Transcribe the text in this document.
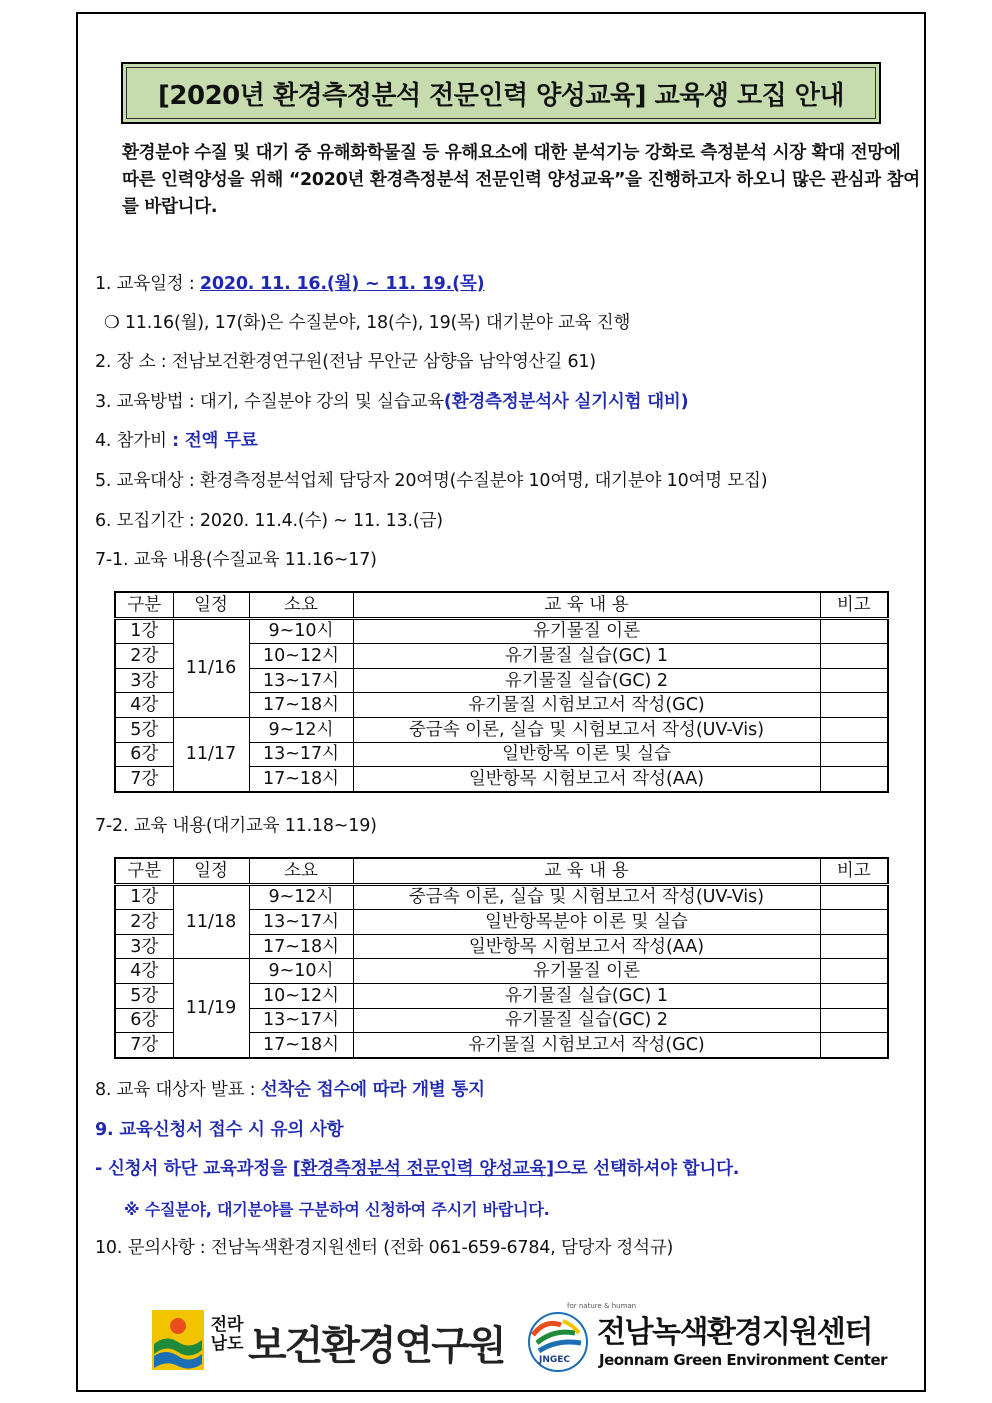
[2020년 환경측정분석 전문인력 양성교육] 교육생 모집 안내
환경분야 수질 및 대기 중 유해화학물질 등 유해요소에 대한 분석기능 강화로 측정분석 시장 확대 전망에 따른 인력양성을 위해 “2020년 환경측정분석 전문인력 양성교육”을 진행하고자 하오니 많은 관심과 참여를 바랍니다.
1. 교육일정 : 2020. 11. 16.(월) ~ 11. 19.(목)
❍ 11.16(월), 17(화)은 수질분야, 18(수), 19(목) 대기분야 교육 진행
2. 장 소 : 전남보건환경연구원(전남 무안군 삼향읍 남악영산길 61)
3. 교육방법 : 대기, 수질분야 강의 및 실습교육(환경측정분석사 실기시험 대비)
4. 참가비 : 전액 무료
5. 교육대상 : 환경측정분석업체 담당자 20여명(수질분야 10여명, 대기분야 10여명 모집)
6. 모집기간 : 2020. 11.4.(수) ~ 11. 13.(금)
7-1. 교육 내용(수질교육 11.16~17)
구분	일정	소요	교 육 내 용	비고
1강	11/16	9~10시	유기물질 이론	
2강		10~12시	유기물질 실습(GC) 1	
3강		13~17시	유기물질 실습(GC) 2	
4강		17~18시	유기물질 시험보고서 작성(GC)	
5강	11/17	9~12시	중금속 이론, 실습 및 시험보고서 작성(UV-Vis)	
6강		13~17시	일반항목 이론 및 실습	
7강		17~18시	일반항목 시험보고서 작성(AA)	
7-2. 교육 내용(대기교육 11.18~19)
구분	일정	소요	교 육 내 용	비고
1강	11/18	9~12시	중금속 이론, 실습 및 시험보고서 작성(UV-Vis)	
2강		13~17시	일반항목분야 이론 및 실습	
3강		17~18시	일반항목 시험보고서 작성(AA)	
4강	11/19	9~10시	유기물질 이론	
5강		10~12시	유기물질 실습(GC) 1	
6강		13~17시	유기물질 실습(GC) 2	
7강		17~18시	유기물질 시험보고서 작성(GC)	
8. 교육 대상자 발표 : 선착순 접수에 따라 개별 통지
9. 교육신청서 접수 시 유의 사항
- 신청서 하단 교육과정을 [환경측정분석 전문인력 양성교육]으로 선택하셔야 합니다.
※ 수질분야, 대기분야를 구분하여 신청하여 주시기 바랍니다.
10. 문의사항 : 전남녹색환경지원센터 (전화 061-659-6784, 담당자 정석규)
전라
남도 보건환경연구원
for nature & human
JNGEC
전남녹색환경지원센터
Jeonnam Green Environment Center
